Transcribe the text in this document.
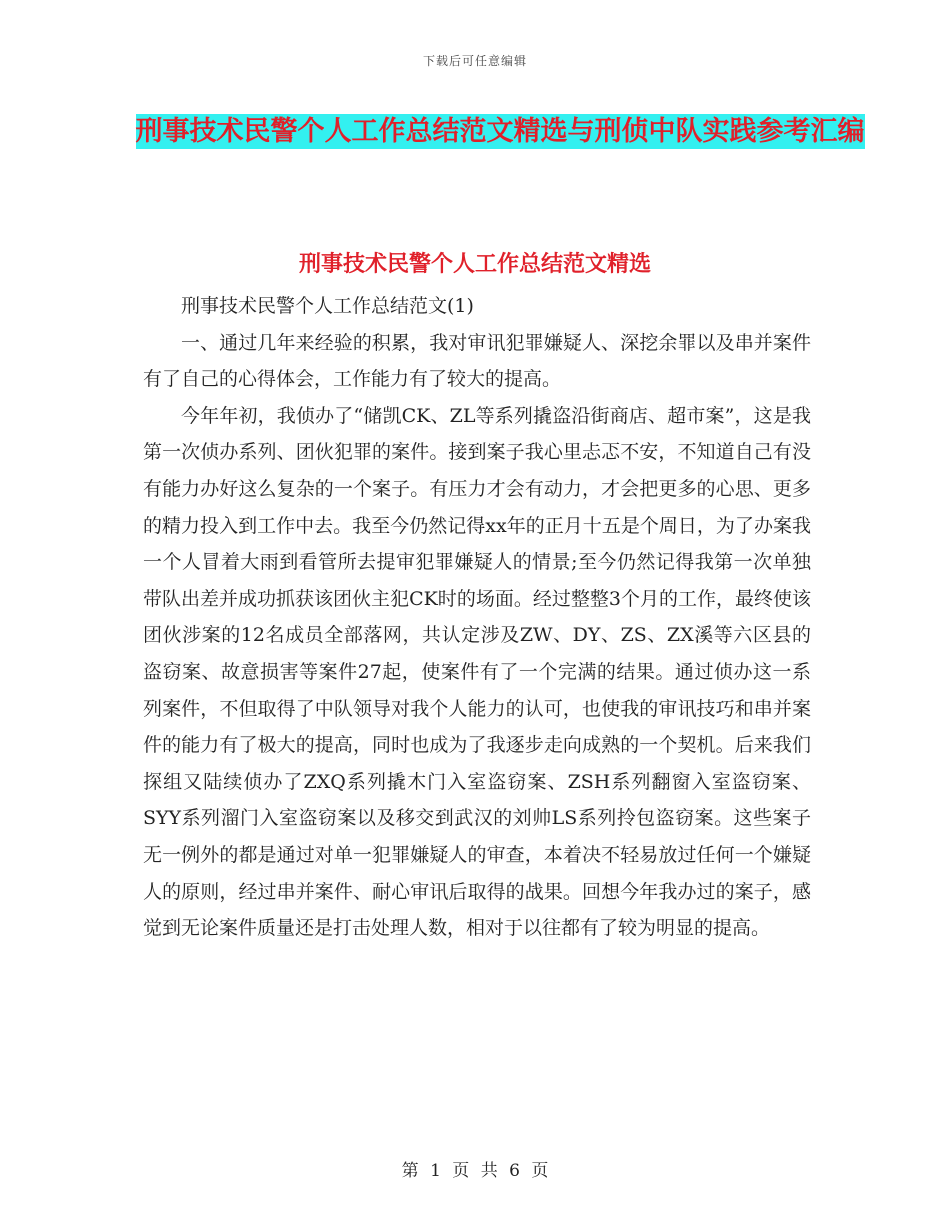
下载后可任意编辑
刑事技术民警个人工作总结范文精选与刑侦中队实践参考汇编
刑事技术民警个人工作总结范文精选

刑事技术民警个人工作总结范文(1)

一、通过几年来经验的积累，我对审讯犯罪嫌疑人、深挖余罪以及串并案件有了自己的心得体会，工作能力有了较大的提高。

今年年初，我侦办了“储凯CK、ZL等系列撬盗沿街商店、超市案”，这是我第一次侦办系列、团伙犯罪的案件。接到案子我心里忐忑不安，不知道自己有没有能力办好这么复杂的一个案子。有压力才会有动力，才会把更多的心思、更多的精力投入到工作中去。我至今仍然记得xx年的正月十五是个周日，为了办案我一个人冒着大雨到看管所去提审犯罪嫌疑人的情景;至今仍然记得我第一次单独带队出差并成功抓获该团伙主犯CK时的场面。经过整整3个月的工作，最终使该团伙涉案的12名成员全部落网，共认定涉及ZW、DY、ZS、ZX溪等六区县的盗窃案、故意损害等案件27起，使案件有了一个完满的结果。通过侦办这一系列案件，不但取得了中队领导对我个人能力的认可，也使我的审讯技巧和串并案件的能力有了极大的提高，同时也成为了我逐步走向成熟的一个契机。后来我们探组又陆续侦办了ZXQ系列撬木门入室盗窃案、ZSH系列翻窗入室盗窃案、SYY系列溜门入室盗窃案以及移交到武汉的刘帅LS系列拎包盗窃案。这些案子无一例外的都是通过对单一犯罪嫌疑人的审查，本着决不轻易放过任何一个嫌疑人的原则，经过串并案件、耐心审讯后取得的战果。回想今年我办过的案子，感觉到无论案件质量还是打击处理人数，相对于以往都有了较为明显的提高。

第 1 页 共 6 页
